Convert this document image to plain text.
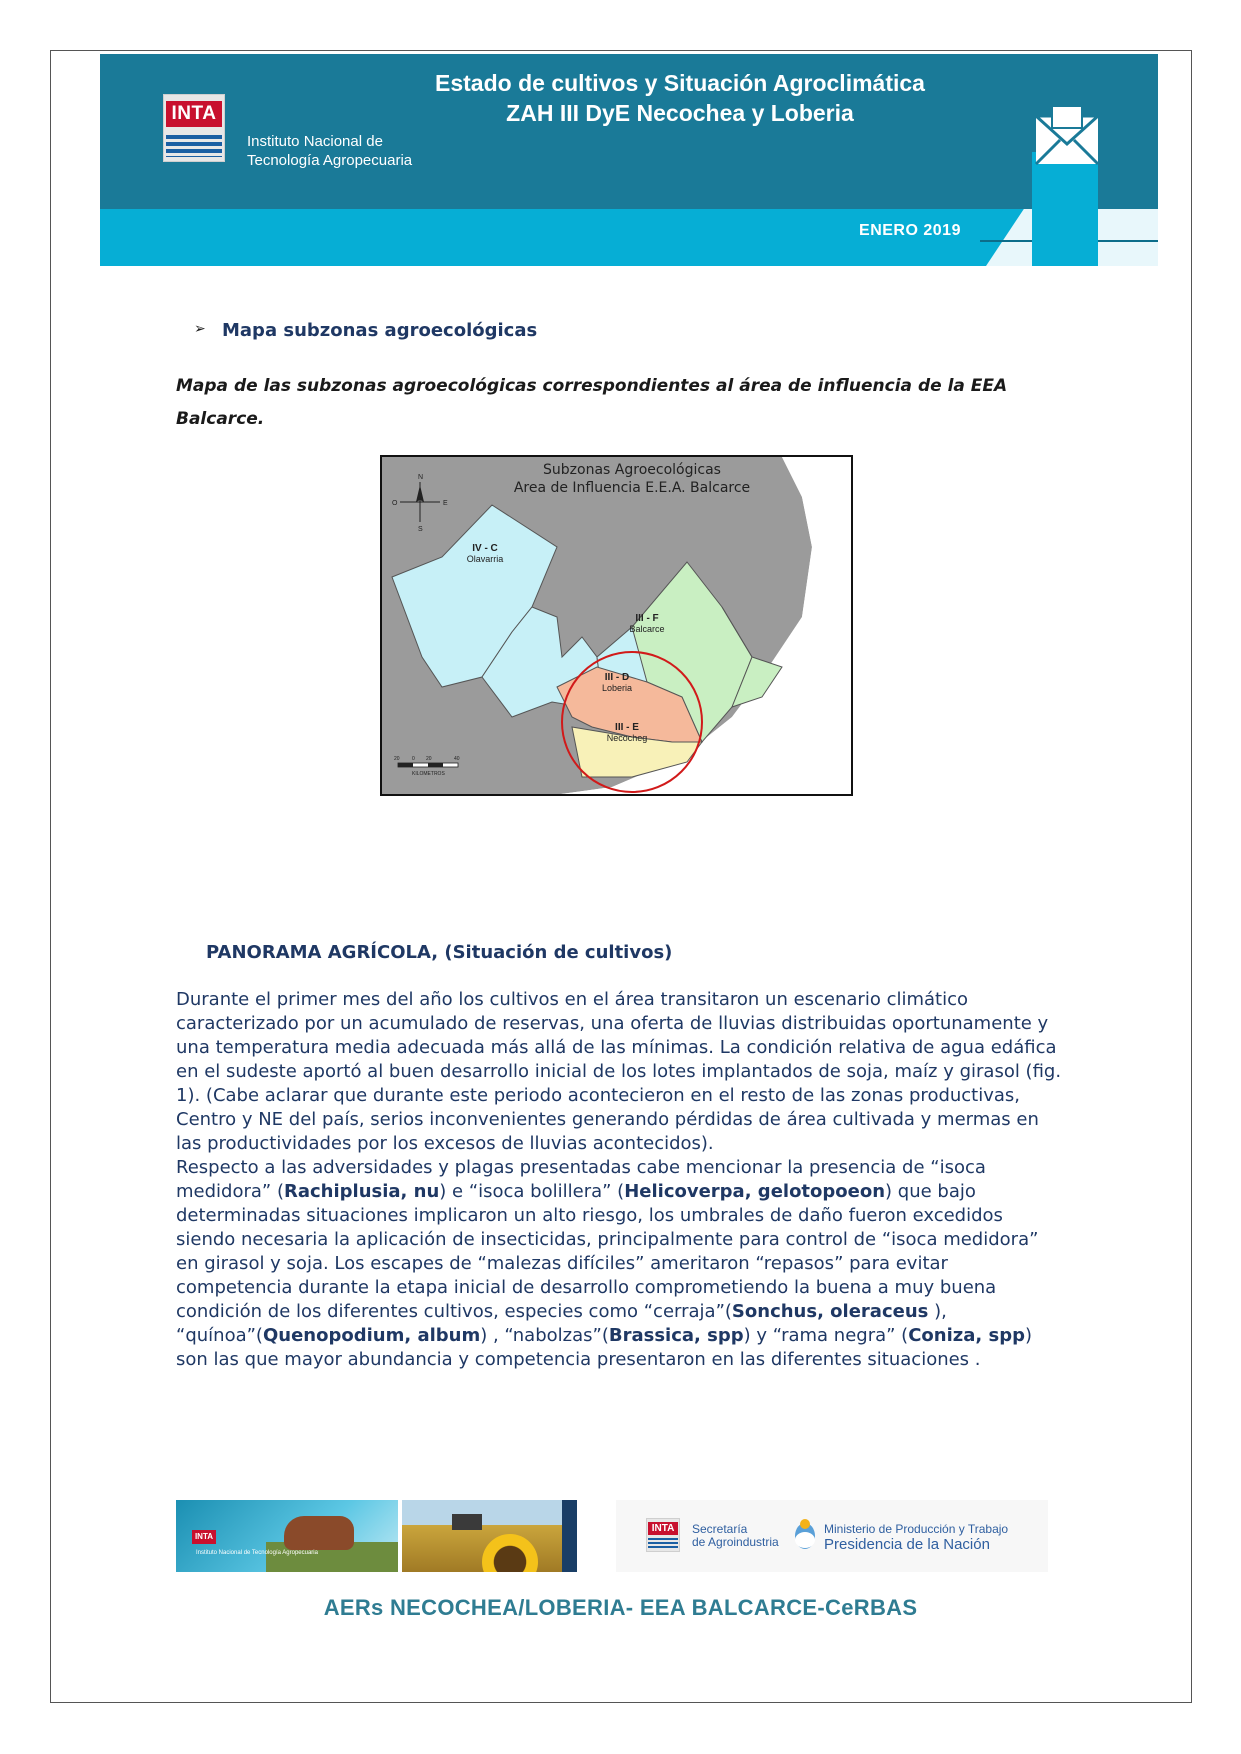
Estado de cultivos y Situación Agroclimática
ZAH III DyE Necochea y Loberia
INTA
Instituto Nacional de
Tecnología Agropecuaria
ENERO 2019
➢ Mapa subzonas agroecológicas
Mapa de las subzonas agroecológicas correspondientes al área de influencia de la EEA Balcarce.
N
O	E
S
20 0 20	40
KILOMETROS
Subzonas Agroecológicas
Area de Influencia E.E.A. Balcarce
IV - C
Olavarria
III - F
Balcarce
III - D
Loberia
III - E
Necocheg
PANORAMA AGRÍCOLA, (Situación de cultivos)

Durante el primer mes del año los cultivos en el área transitaron un escenario climático caracterizado por un acumulado de reservas, una oferta de lluvias distribuidas oportunamente y una temperatura media adecuada más allá de las mínimas. La condición relativa de agua edáfica en el sudeste aportó al buen desarrollo inicial de los lotes implantados de soja, maíz y girasol (fig. 1). (Cabe aclarar que durante este periodo acontecieron en el resto de las zonas productivas, Centro y NE del país, serios inconvenientes generando pérdidas de área cultivada y mermas en las productividades por los excesos de lluvias acontecidos).

Respecto a las adversidades y plagas presentadas cabe mencionar la presencia de “isoca medidora” (Rachiplusia, nu) e “isoca bolillera” (Helicoverpa, gelotopoeon) que bajo determinadas situaciones implicaron un alto riesgo, los umbrales de daño fueron excedidos siendo necesaria la aplicación de insecticidas, principalmente para control de “isoca medidora” en girasol y soja. Los escapes de “malezas difíciles” ameritaron “repasos” para evitar competencia durante la etapa inicial de desarrollo comprometiendo la buena a muy buena condición de los diferentes cultivos, especies como “cerraja”(Sonchus, oleraceus ), “quínoa”(Quenopodium, album) , “nabolzas”(Brassica, spp) y “rama negra” (Coniza, spp) son las que mayor abundancia y competencia presentaron en las diferentes situaciones .

INTA
Instituto Nacional de Tecnología Agropecuaria
INTA	Secretaría
de Agroindustria
Ministerio de Producción y Trabajo
Presidencia de la Nación
AERs NECOCHEA/LOBERIA- EEA BALCARCE-CeRBAS
